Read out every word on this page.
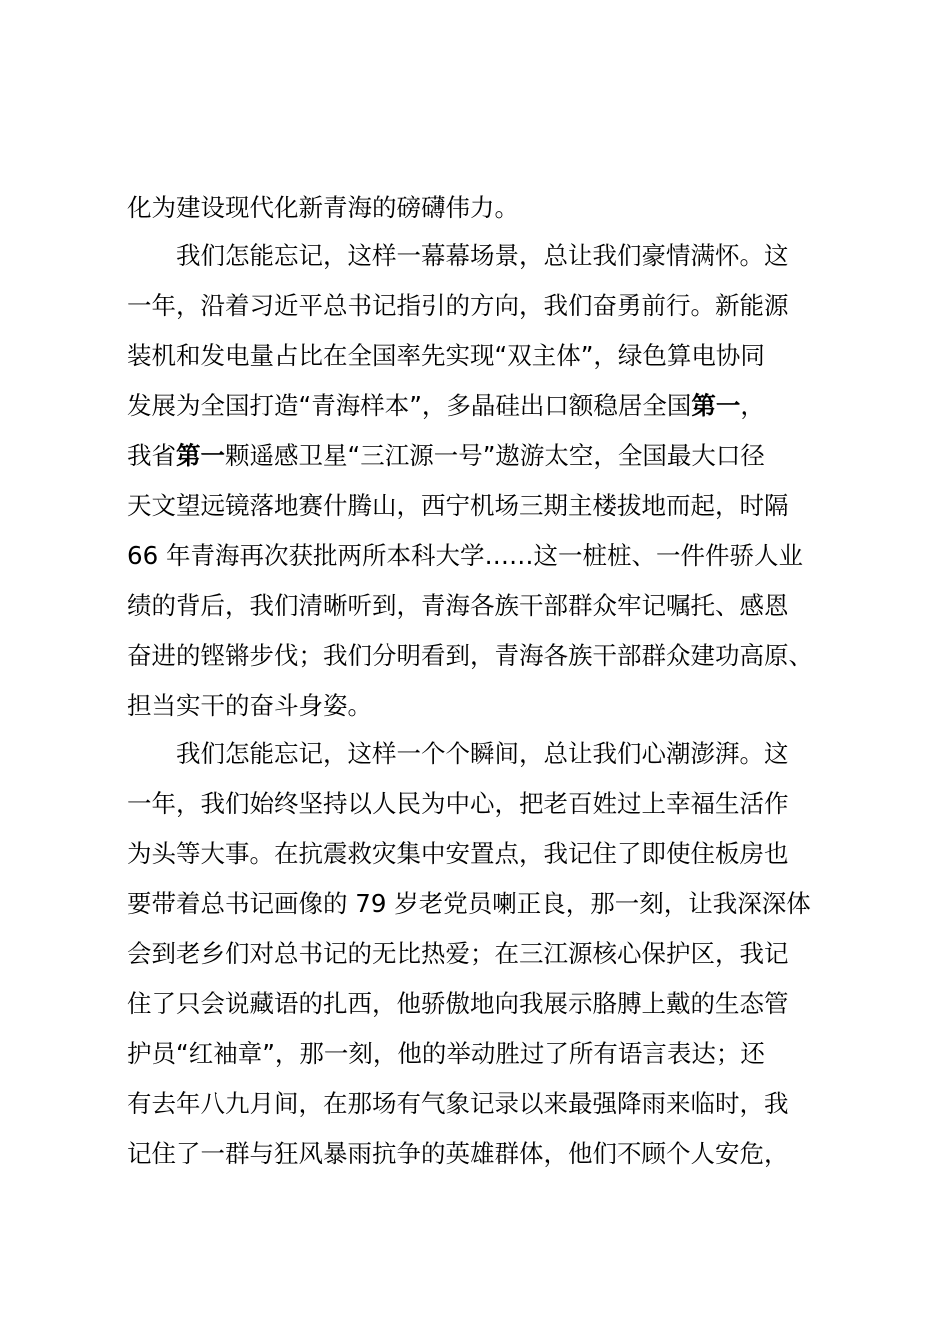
化为建设现代化新青海的磅礴伟力。
我们怎能忘记，这样一幕幕场景，总让我们豪情满怀。这
一年，沿着习近平总书记指引的方向，我们奋勇前行。新能源
装机和发电量占比在全国率先实现“双主体”，绿色算电协同
发展为全国打造“青海样本”，多晶硅出口额稳居全国第一，
我省第一颗遥感卫星“三江源一号”遨游太空，全国最大口径
天文望远镜落地赛什腾山，西宁机场三期主楼拔地而起，时隔
66 年青海再次获批两所本科大学……这一桩桩、一件件骄人业
绩的背后，我们清晰听到，青海各族干部群众牢记嘱托、感恩
奋进的铿锵步伐；我们分明看到，青海各族干部群众建功高原、
担当实干的奋斗身姿。
我们怎能忘记，这样一个个瞬间，总让我们心潮澎湃。这
一年，我们始终坚持以人民为中心，把老百姓过上幸福生活作
为头等大事。在抗震救灾集中安置点，我记住了即使住板房也
要带着总书记画像的 79 岁老党员喇正良，那一刻，让我深深体
会到老乡们对总书记的无比热爱；在三江源核心保护区，我记
住了只会说藏语的扎西，他骄傲地向我展示胳膊上戴的生态管
护员“红袖章”，那一刻，他的举动胜过了所有语言表达；还
有去年八九月间，在那场有气象记录以来最强降雨来临时，我
记住了一群与狂风暴雨抗争的英雄群体，他们不顾个人安危，
